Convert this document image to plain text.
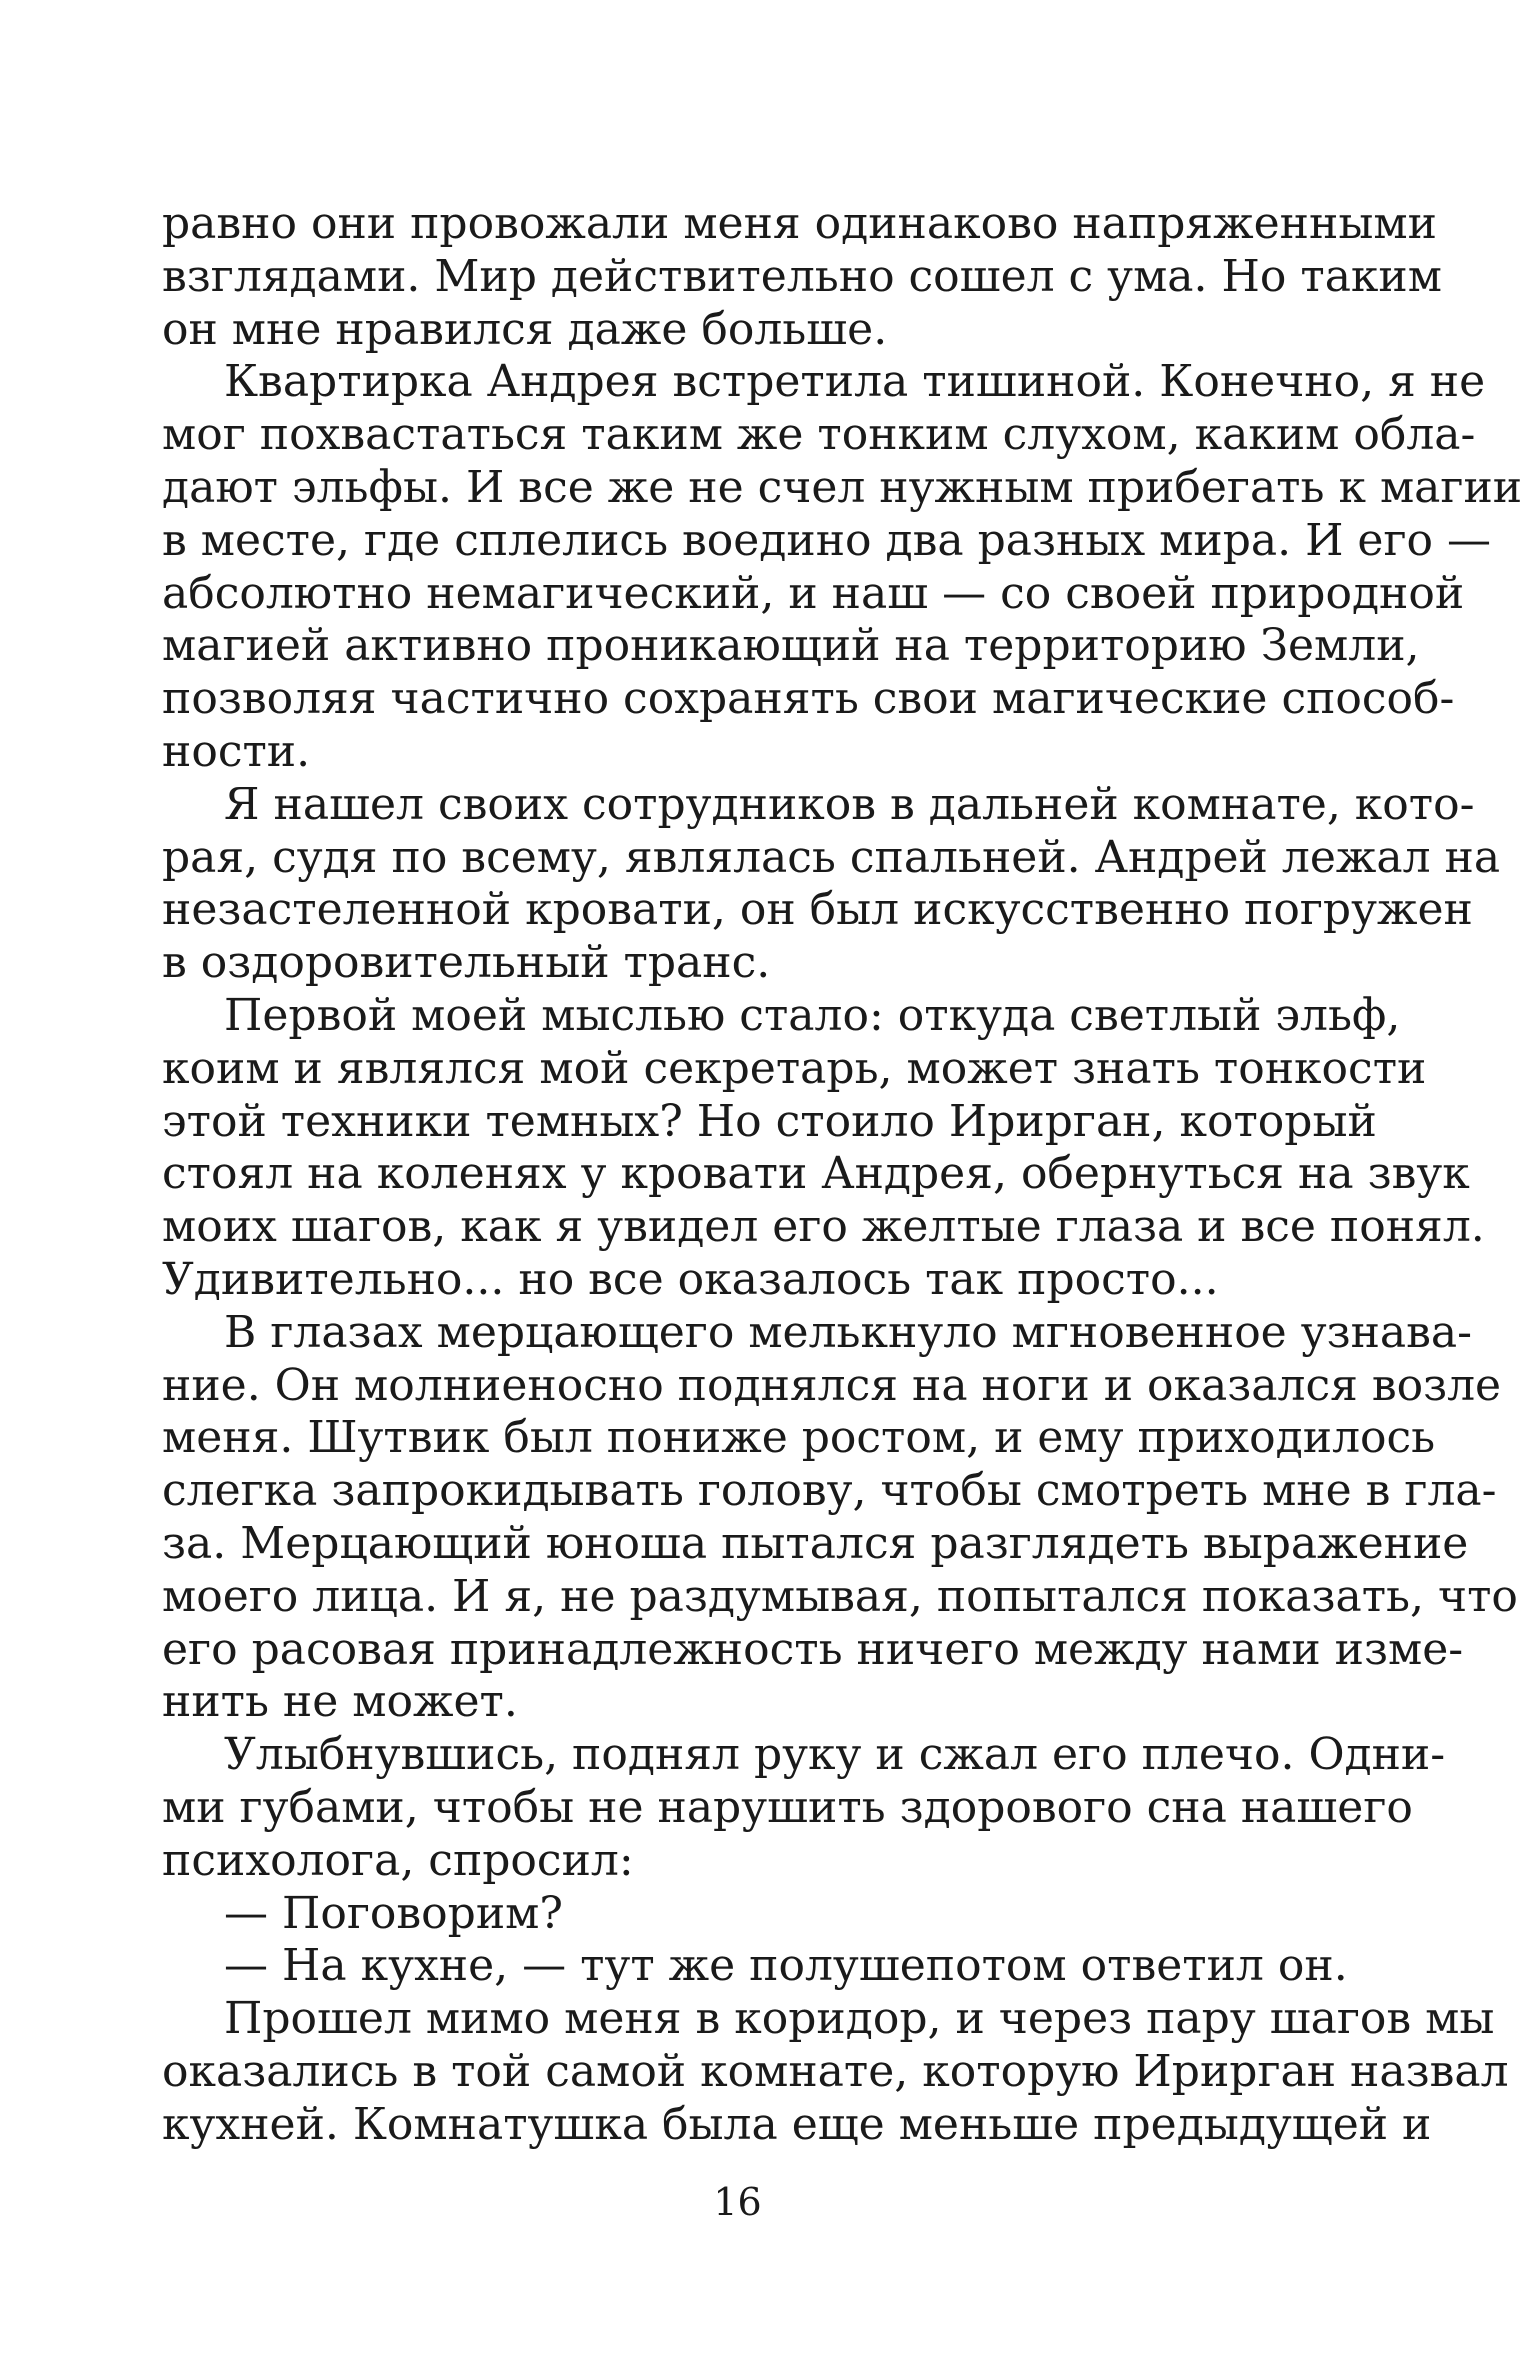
равно они провожали меня одинаково напряженными
взглядами. Мир действительно сошел с ума. Но таким
он мне нравился даже больше.
Квартирка Андрея встретила тишиной. Конечно, я не
мог похвастаться таким же тонким слухом, каким обла-
дают эльфы. И все же не счел нужным прибегать к магии
в месте, где сплелись воедино два разных мира. И его —
абсолютно немагический, и наш — со своей природной
магией активно проникающий на территорию Земли,
позволяя частично сохранять свои магические способ-
ности.
Я нашел своих сотрудников в дальней комнате, кото-
рая, судя по всему, являлась спальней. Андрей лежал на
незастеленной кровати, он был искусственно погружен
в оздоровительный транс.
Первой моей мыслью стало: откуда светлый эльф,
коим и являлся мой секретарь, может знать тонкости
этой техники темных? Но стоило Ирирган, который
стоял на коленях у кровати Андрея, обернуться на звук
моих шагов, как я увидел его желтые глаза и все понял.
Удивительно... но все оказалось так просто...
В глазах мерцающего мелькнуло мгновенное узнава-
ние. Он молниеносно поднялся на ноги и оказался возле
меня. Шутвик был пониже ростом, и ему приходилось
слегка запрокидывать голову, чтобы смотреть мне в гла-
за. Мерцающий юноша пытался разглядеть выражение
моего лица. И я, не раздумывая, попытался показать, что
его расовая принадлежность ничего между нами изме-
нить не может.
Улыбнувшись, поднял руку и сжал его плечо. Одни-
ми губами, чтобы не нарушить здорового сна нашего
психолога, спросил:
— Поговорим?
— На кухне, — тут же полушепотом ответил он.
Прошел мимо меня в коридор, и через пару шагов мы
оказались в той самой комнате, которую Ирирган назвал
кухней. Комнатушка была еще меньше предыдущей и
16
